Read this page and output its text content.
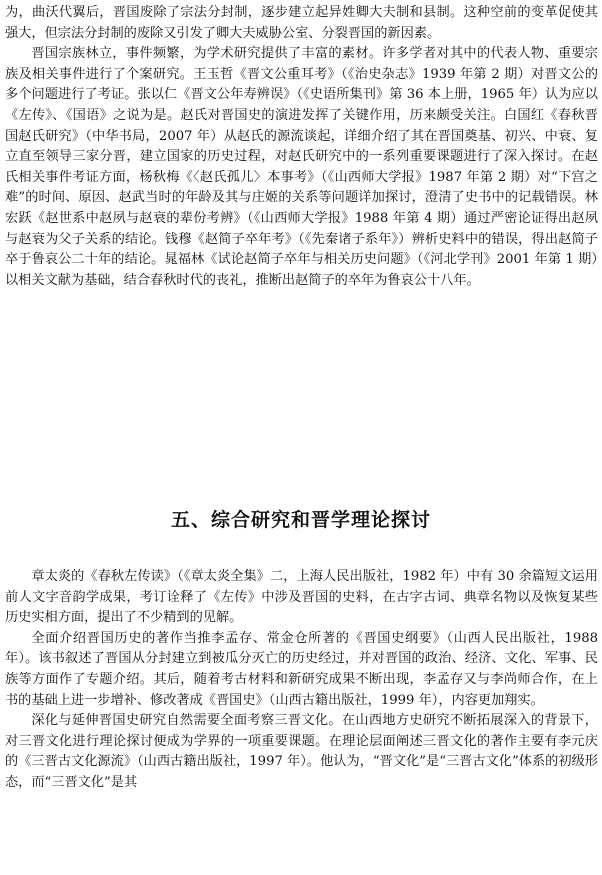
为，曲沃代翼后，晋国废除了宗法分封制，逐步建立起异姓卿大夫制和县制。这种空前的变革促使其强大，但宗法分封制的废除又引发了卿大夫威胁公室、分裂晋国的新因素。

晋国宗族林立，事件频繁，为学术研究提供了丰富的素材。许多学者对其中的代表人物、重要宗族及相关事件进行了个案研究。王玉哲《晋文公重耳考》（《治史杂志》1939 年第 2 期）对晋文公的多个问题进行了考证。张以仁《晋文公年寿辨误》（《史语所集刊》第 36 本上册，1965 年）认为应以《左传》、《国语》之说为是。赵氏对晋国史的演进发挥了关键作用，历来颇受关注。白国红《春秋晋国赵氏研究》（中华书局，2007 年）从赵氏的源流谈起，详细介绍了其在晋国奠基、初兴、中衰、复立直至领导三家分晋，建立国家的历史过程，对赵氏研究中的一系列重要课题进行了深入探讨。在赵氏相关事件考证方面，杨秋梅《〈赵氏孤儿〉本事考》（《山西师大学报》1987 年第 2 期）对“下宫之难”的时间、原因、赵武当时的年龄及其与庄姬的关系等问题详加探讨，澄清了史书中的记载错误。林宏跃《赵世系中赵夙与赵衰的辈份考辨》（《山西师大学报》1988 年第 4 期）通过严密论证得出赵夙与赵衰为父子关系的结论。钱穆《赵简子卒年考》（《先秦诸子系年》）辨析史料中的错误，得出赵简子卒于鲁哀公二十年的结论。晁福林《试论赵简子卒年与相关历史问题》（《河北学刊》2001 年第 1 期）以相关文献为基础，结合春秋时代的丧礼，推断出赵简子的卒年为鲁哀公十八年。

五、综合研究和晋学理论探讨

章太炎的《春秋左传读》（《章太炎全集》二，上海人民出版社，1982 年）中有 30 余篇短文运用前人文字音韵学成果，考订诠释了《左传》中涉及晋国的史料，在古字古词、典章名物以及恢复某些历史实相方面，提出了不少精到的见解。

全面介绍晋国历史的著作当推李孟存、常金仓所著的《晋国史纲要》（山西人民出版社，1988 年）。该书叙述了晋国从分封建立到被瓜分灭亡的历史经过，并对晋国的政治、经济、文化、军事、民族等方面作了专题介绍。其后，随着考古材料和新研究成果不断出现，李孟存又与李尚师合作，在上书的基础上进一步增补、修改著成《晋国史》（山西古籍出版社，1999 年），内容更加翔实。

深化与延伸晋国史研究自然需要全面考察三晋文化。在山西地方史研究不断拓展深入的背景下，对三晋文化进行理论探讨便成为学界的一项重要课题。在理论层面阐述三晋文化的著作主要有李元庆的《三晋古文化源流》（山西古籍出版社，1997 年）。他认为，“晋文化”是“三晋古文化”体系的初级形态，而“三晋文化”是其
